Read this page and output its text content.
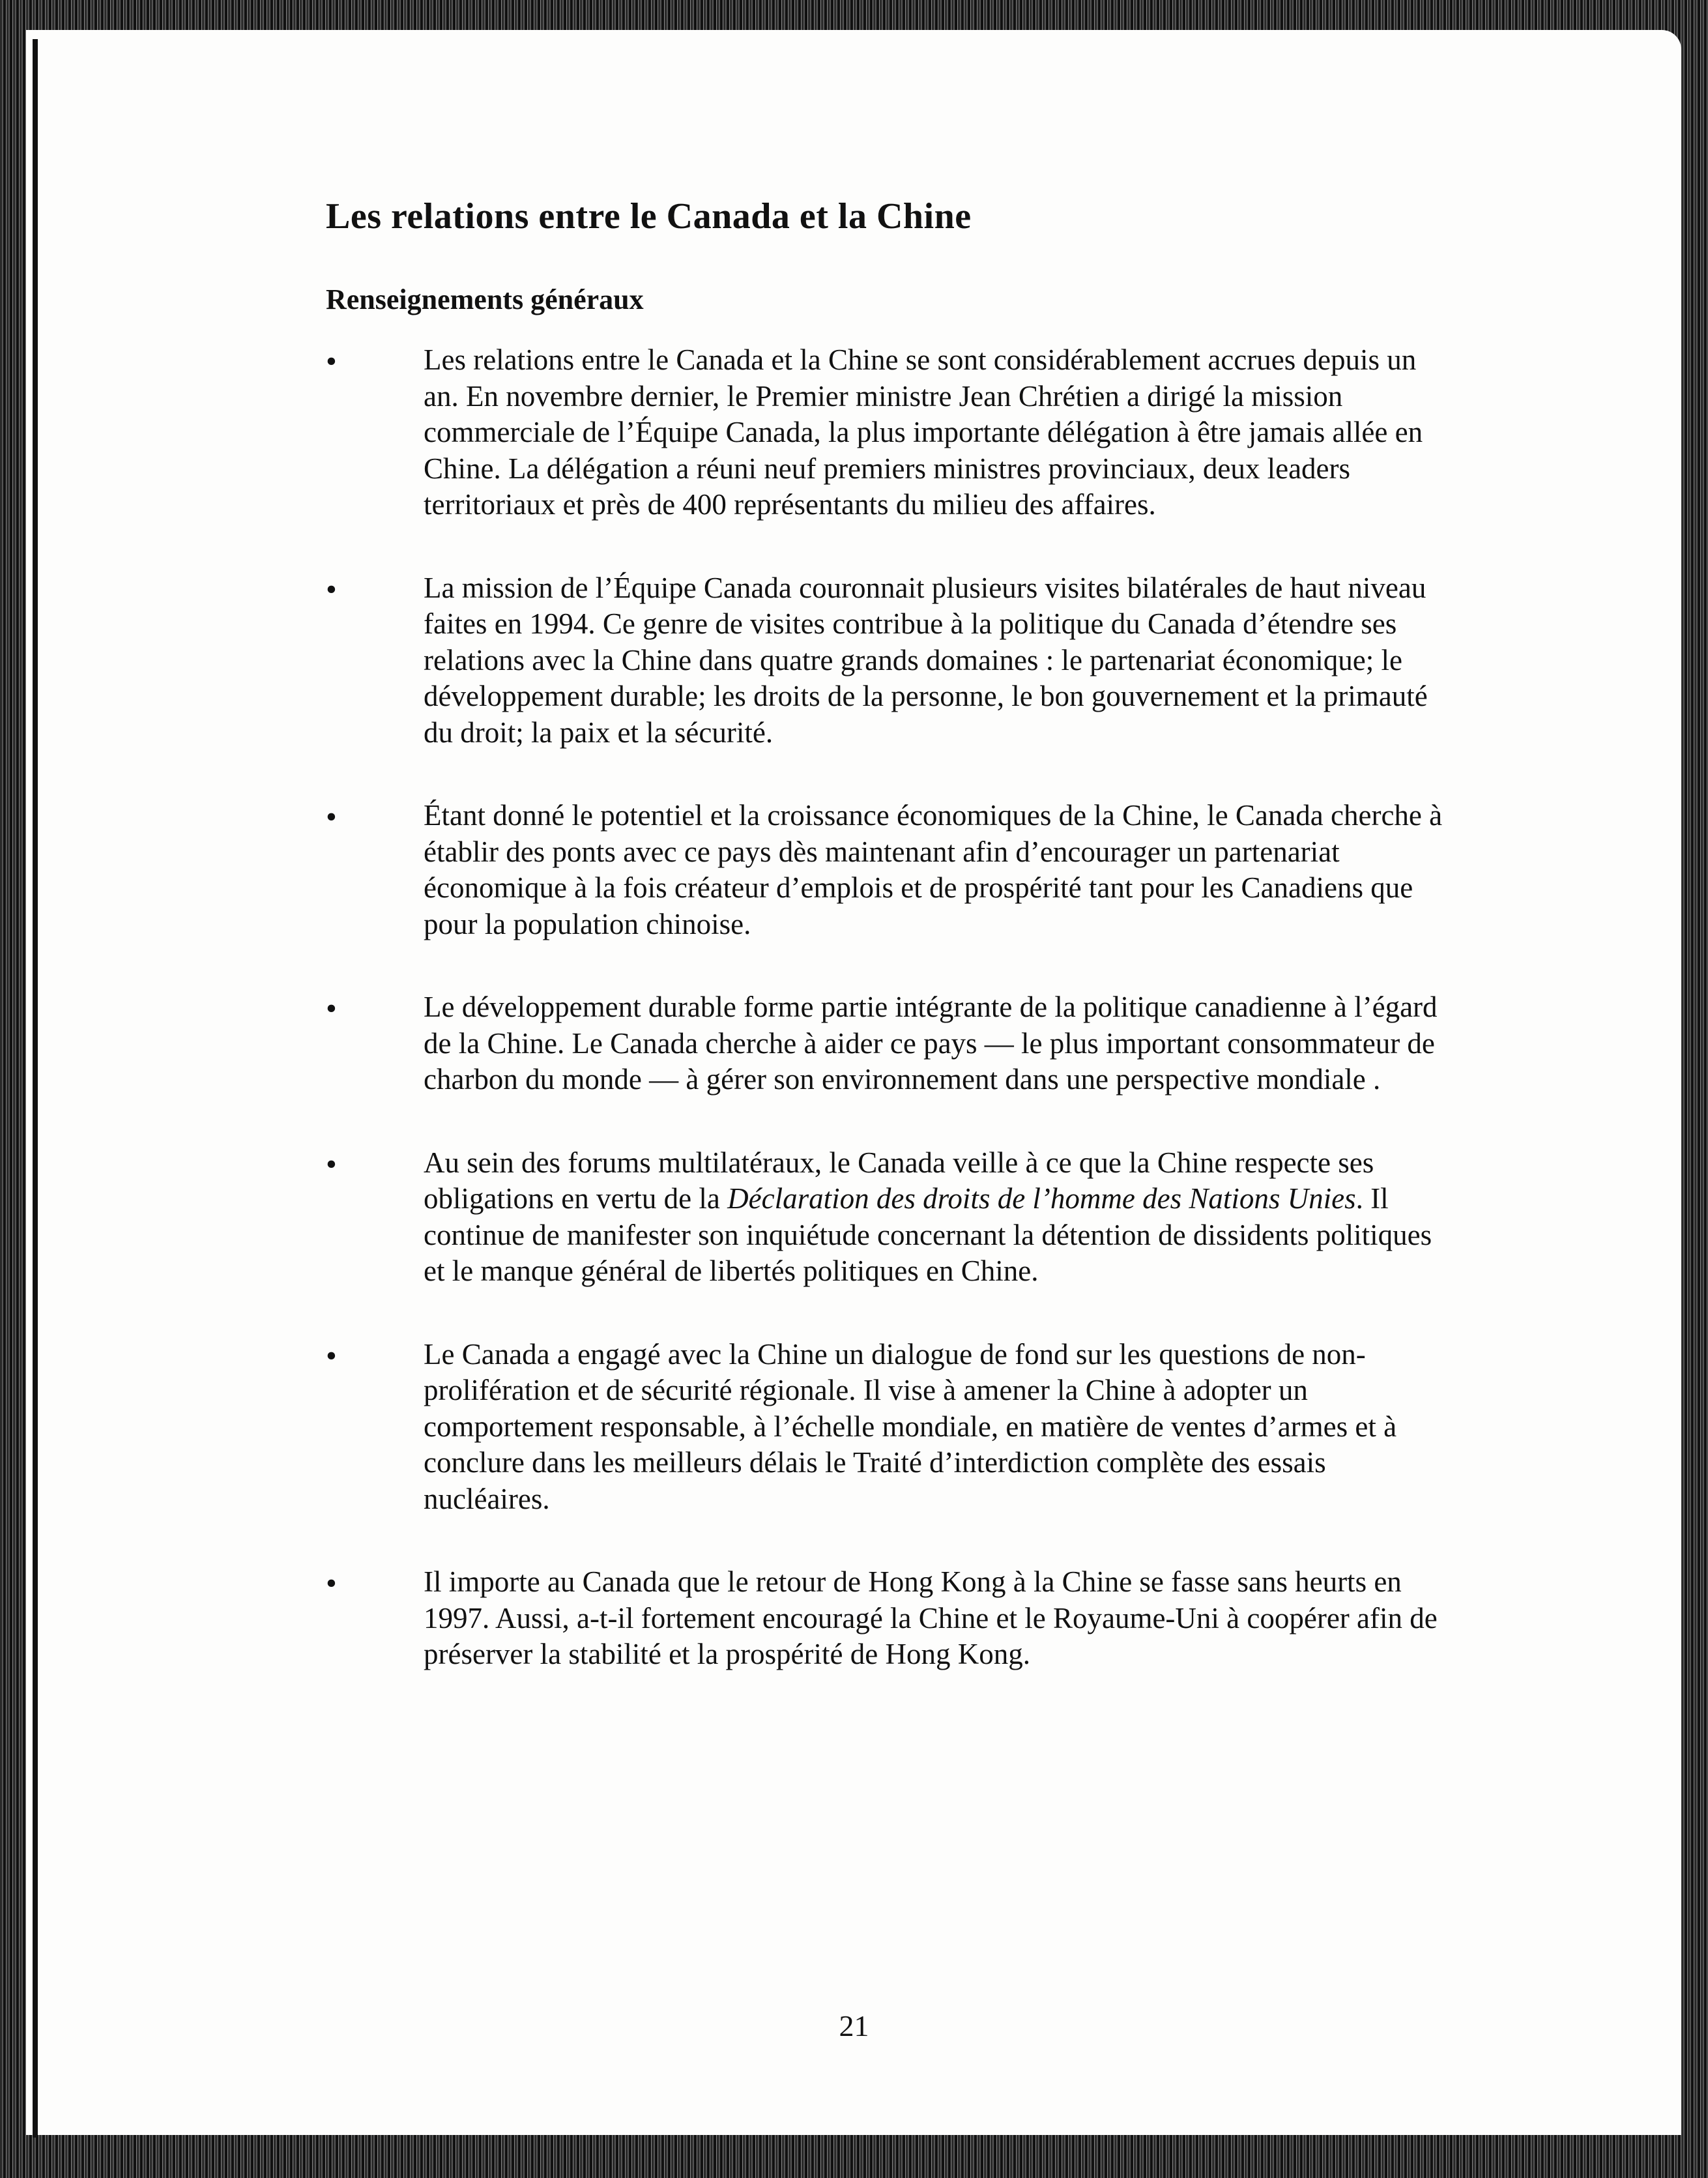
Les relations entre le Canada et la Chine
Renseignements généraux
•	Les relations entre le Canada et la Chine se sont considérablement accrues depuis un an. En novembre dernier, le Premier ministre Jean Chrétien a dirigé la mission commerciale de l’Équipe Canada, la plus importante délégation à être jamais allée en Chine. La délégation a réuni neuf premiers ministres provinciaux, deux leaders territoriaux et près de 400 représentants du milieu des affaires.
•	La mission de l’Équipe Canada couronnait plusieurs visites bilatérales de haut niveau faites en 1994. Ce genre de visites contribue à la politique du Canada d’étendre ses relations avec la Chine dans quatre grands domaines : le partenariat économique; le développement durable; les droits de la personne, le bon gouvernement et la primauté du droit; la paix et la sécurité.
•	Étant donné le potentiel et la croissance économiques de la Chine, le Canada cherche à établir des ponts avec ce pays dès maintenant afin d’encourager un partenariat économique à la fois créateur d’emplois et de prospérité tant pour les Canadiens que pour la population chinoise.
•	Le développement durable forme partie intégrante de la politique canadienne à l’égard de la Chine. Le Canada cherche à aider ce pays — le plus important consommateur de charbon du monde — à gérer son environnement dans une perspective mondiale .
•	Au sein des forums multilatéraux, le Canada veille à ce que la Chine respecte ses obligations en vertu de la Déclaration des droits de l’homme des Nations Unies. Il continue de manifester son inquiétude concernant la détention de dissidents politiques et le manque général de libertés politiques en Chine.
•	Le Canada a engagé avec la Chine un dialogue de fond sur les questions de non-prolifération et de sécurité régionale. Il vise à amener la Chine à adopter un comportement responsable, à l’échelle mondiale, en matière de ventes d’armes et à conclure dans les meilleurs délais le Traité d’interdiction complète des essais nucléaires.
•	Il importe au Canada que le retour de Hong Kong à la Chine se fasse sans heurts en 1997. Aussi, a-t-il fortement encouragé la Chine et le Royaume-Uni à coopérer afin de préserver la stabilité et la prospérité de Hong Kong.
21
